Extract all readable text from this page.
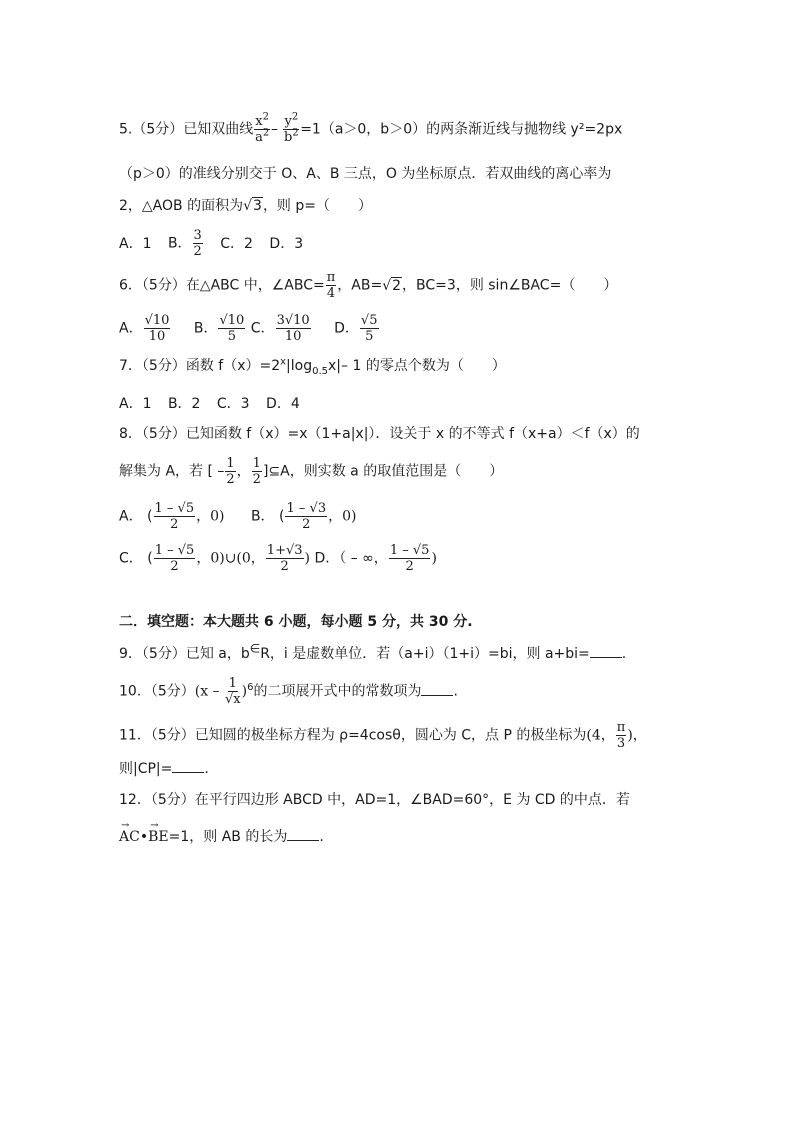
5.（5分）已知双曲线 $\frac{x^2}{a^2} - \frac{y^2}{b^2} =1(a>0$，b＞0）的两条渐近线与抛物线 y²=2px
（p＞0）的准线分别交于 O、A、B 三点，O 为坐标原点．若双曲线的离心率为
2，△AOB 的面积为√3，则 p=（　　）
A．1 B． $\frac{3}{2}$ C．2 D．3
6．（5分）在△ABC 中，∠ABC= $\frac{\pi}{4}$ ，AB=√2，BC=3，则 sin∠BAC=（　　）
A． $\frac{√10}{10}$ B． $\frac{√10}{5}$ C． $\frac{3√10}{10}$ D． $\frac{√5}{5}$
7．（5分）函数 $f(x)=2^x|\log_{0.5}x|-$ 1 的零点个数为（　　）
A．1 B．2 C．3 D．4
8．（5分）已知函数 f（x）=x（1+a|x|）．设关于 x 的不等式 f（x+a）＜f（x）的
解集为 A，若 [ – $\frac{1}{2}$ ， $\frac{1}{2}$ ]⊆A，则实数 a 的取值范围是（　　）
A． ( $\frac{1 - √5}{2}$ ，0) B． ( $\frac{1 - √3}{2}$ ，0)
C． ( $\frac{1 - √5}{2}$ ，0)∪(0， $\frac{1+√3}{2}$ ) D．（ – ∞， $\frac{1 - √5}{2}$ )
二．填空题：本大题共 6 小题，每小题 5 分，共 30 分.
9．（5分）已知 a，b∈R，i 是虚数单位．若（a+i）（1+i）=bi，则 a+bi= .
10．（5分）$(x - \frac{1}{√x} )^6$的二项展开式中的常数项为 .
11．（5分）已知圆的极坐标方程为 ρ=4cosθ，圆心为 C，点 P 的极坐标为(4， $\frac{\pi}{3}$ )，
则|CP|= .
12．（5分）在平行四边形 ABCD 中，AD=1，∠BAD=60°，E 为 CD 的中点．若
→ AC•→ BE=1，则 AB 的长为 .
